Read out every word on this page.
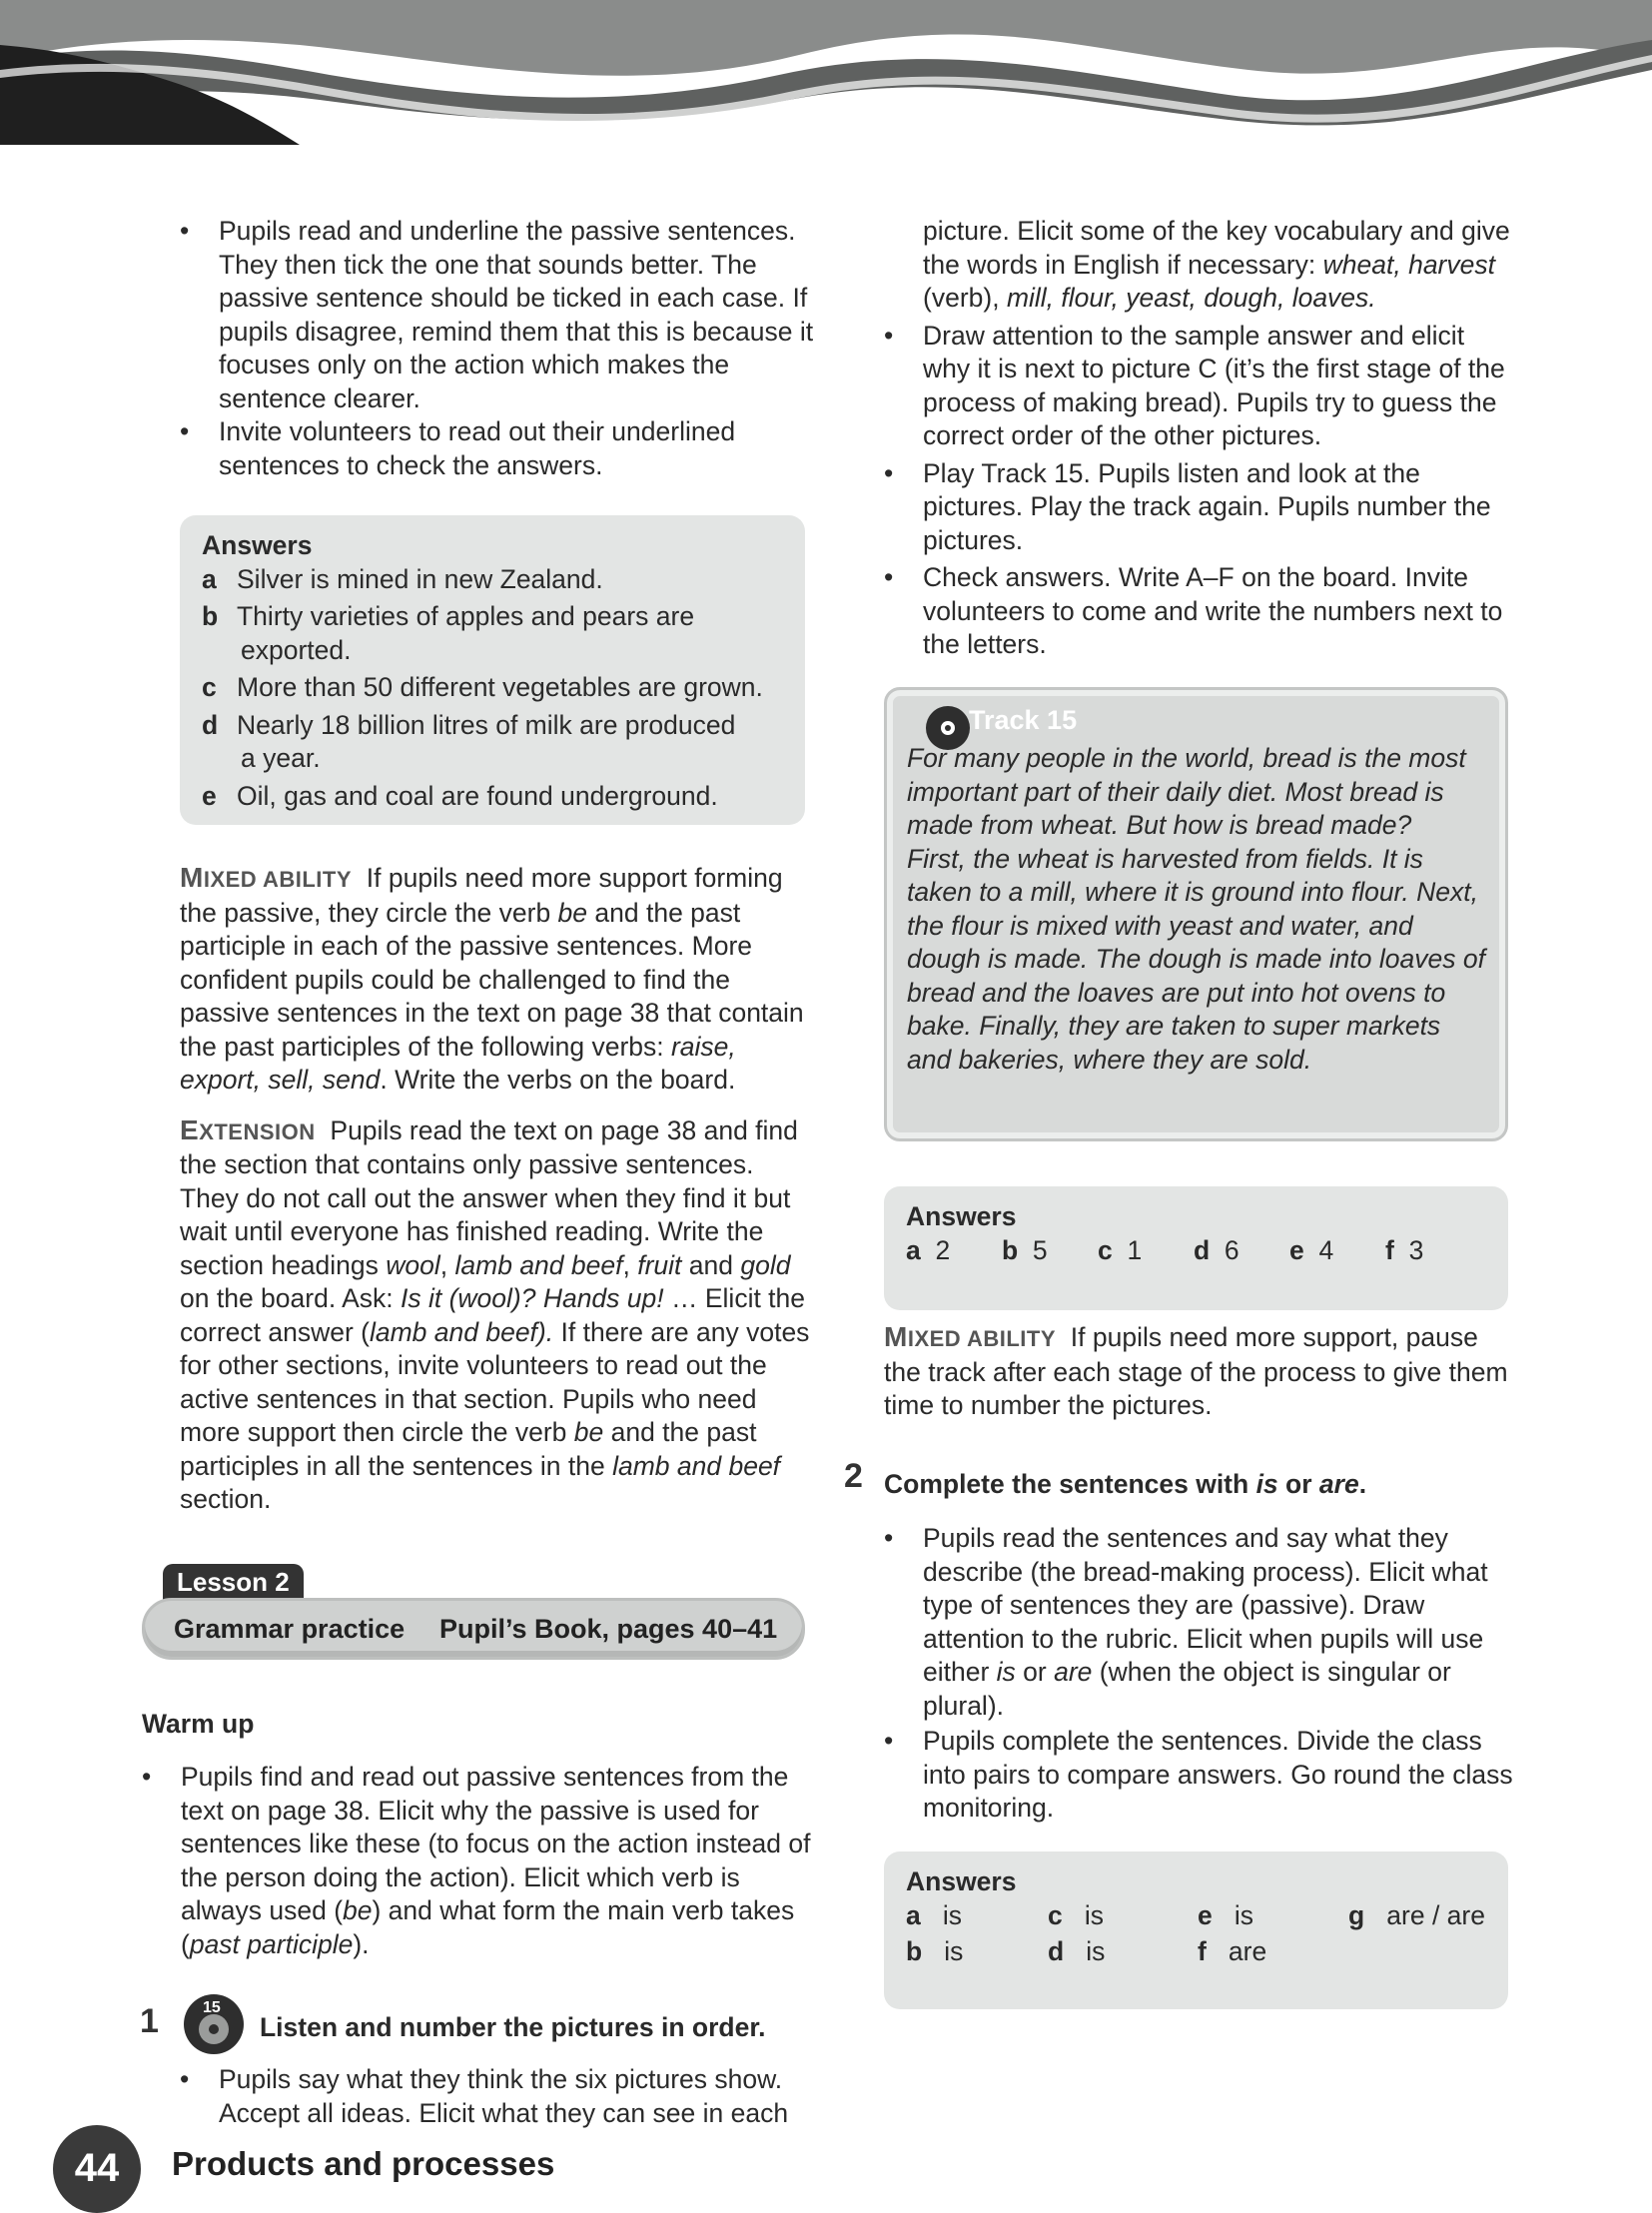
• Pupils read and underline the passive sentences. They then tick the one that sounds better. The passive sentence should be ticked in each case. If pupils disagree, remind them that this is because it focuses only on the action which makes the sentence clearer.
• Invite volunteers to read out their underlined sentences to check the answers.
Answers
a Silver is mined in new Zealand.
b Thirty varieties of apples and pears are
exported.
c More than 50 different vegetables are grown.
d Nearly 18 billion litres of milk are produced
a year.
e Oil, gas and coal are found underground.

MIXED ABILITY If pupils need more support forming the passive, they circle the verb be and the past participle in each of the passive sentences. More confident pupils could be challenged to find the passive sentences in the text on page 38 that contain the past participles of the following verbs: raise, export, sell, send. Write the verbs on the board.

EXTENSION Pupils read the text on page 38 and find the section that contains only passive sentences. They do not call out the answer when they find it but wait until everyone has finished reading. Write the section headings wool, lamb and beef, fruit and gold on the board. Ask: Is it (wool)? Hands up! … Elicit the correct answer (lamb and beef). If there are any votes for other sections, invite volunteers to read out the active sentences in that section. Pupils who need more support then circle the verb be and the past participles in all the sentences in the lamb and beef section.

Lesson 2
Grammar practice Pupil’s Book, pages 40–41
Warm up
• Pupils find and read out passive sentences from the text on page 38. Elicit why the passive is used for sentences like these (to focus on the action instead of the person doing the action). Elicit which verb is always used (be) and what form the main verb takes (past participle).
1	15
Listen and number the pictures in order.
• Pupils say what they think the six pictures show. Accept all ideas. Elicit what they can see in each
picture. Elicit some of the key vocabulary and give the words in English if necessary: wheat, harvest (verb), mill, flour, yeast, dough, loaves.
• Draw attention to the sample answer and elicit why it is next to picture C (it’s the first stage of the process of making bread). Pupils try to guess the correct order of the other pictures.
• Play Track 15. Pupils listen and look at the pictures. Play the track again. Pupils number the pictures.
• Check answers. Write A–F on the board. Invite volunteers to come and write the numbers next to the letters.
Track 15
For many people in the world, bread is the most important part of their daily diet. Most bread is made from wheat. But how is bread made?
First, the wheat is harvested from fields. It is taken to a mill, where it is ground into flour. Next, the flour is mixed with yeast and water, and dough is made. The dough is made into loaves of bread and the loaves are put into hot ovens to bake. Finally, they are taken to super markets and bakeries, where they are sold.
Answers
a 2 b 5 c 1 d 6 e 4 f 3

MIXED ABILITY If pupils need more support, pause the track after each stage of the process to give them time to number the pictures.

2 Complete the sentences with is or are.
• Pupils read the sentences and say what they describe (the bread-making process). Elicit what type of sentences they are (passive). Draw attention to the rubric. Elicit when pupils will use either is or are (when the object is singular or plural).
• Pupils complete the sentences. Divide the class into pairs to compare answers. Go round the class monitoring.
Answers
a is	c is	e is	g are / are
b is	d is	f are
44	Products and processes
